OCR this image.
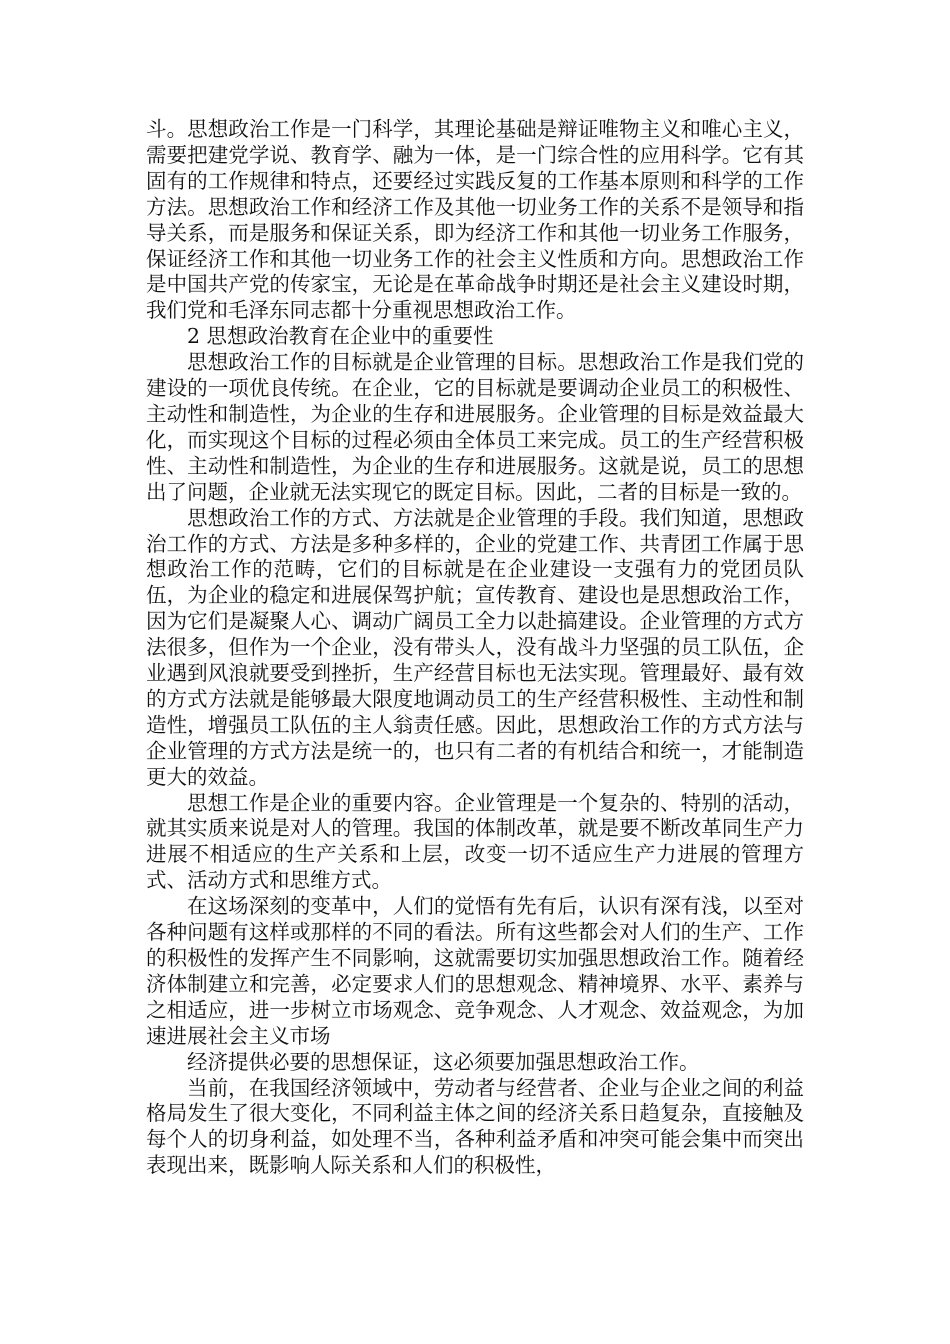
斗。思想政治工作是一门科学，其理论基础是辩证唯物主义和唯心主义，需要把建党学说、教育学、融为一体，是一门综合性的应用科学。它有其固有的工作规律和特点，还要经过实践反复的工作基本原则和科学的工作方法。思想政治工作和经济工作及其他一切业务工作的关系不是领导和指导关系，而是服务和保证关系，即为经济工作和其他一切业务工作服务，保证经济工作和其他一切业务工作的社会主义性质和方向。思想政治工作是中国共产党的传家宝，无论是在革命战争时期还是社会主义建设时期，我们党和毛泽东同志都十分重视思想政治工作。

2 思想政治教育在企业中的重要性

思想政治工作的目标就是企业管理的目标。思想政治工作是我们党的建设的一项优良传统。在企业，它的目标就是要调动企业员工的积极性、主动性和制造性，为企业的生存和进展服务。企业管理的目标是效益最大化，而实现这个目标的过程必须由全体员工来完成。员工的生产经营积极性、主动性和制造性，为企业的生存和进展服务。这就是说，员工的思想出了问题，企业就无法实现它的既定目标。因此，二者的目标是一致的。

思想政治工作的方式、方法就是企业管理的手段。我们知道，思想政治工作的方式、方法是多种多样的，企业的党建工作、共青团工作属于思想政治工作的范畴，它们的目标就是在企业建设一支强有力的党团员队伍，为企业的稳定和进展保驾护航；宣传教育、建设也是思想政治工作，因为它们是凝聚人心、调动广阔员工全力以赴搞建设。企业管理的方式方法很多，但作为一个企业，没有带头人，没有战斗力坚强的员工队伍，企业遇到风浪就要受到挫折，生产经营目标也无法实现。管理最好、最有效的方式方法就是能够最大限度地调动员工的生产经营积极性、主动性和制造性，增强员工队伍的主人翁责任感。因此，思想政治工作的方式方法与企业管理的方式方法是统一的，也只有二者的有机结合和统一，才能制造更大的效益。

思想工作是企业的重要内容。企业管理是一个复杂的、特别的活动，就其实质来说是对人的管理。我国的体制改革，就是要不断改革同生产力进展不相适应的生产关系和上层，改变一切不适应生产力进展的管理方式、活动方式和思维方式。

在这场深刻的变革中，人们的觉悟有先有后，认识有深有浅，以至对各种问题有这样或那样的不同的看法。所有这些都会对人们的生产、工作的积极性的发挥产生不同影响，这就需要切实加强思想政治工作。随着经济体制建立和完善，必定要求人们的思想观念、精神境界、水平、素养与之相适应，进一步树立市场观念、竞争观念、人才观念、效益观念，为加速进展社会主义市场

经济提供必要的思想保证，这必须要加强思想政治工作。

当前，在我国经济领域中，劳动者与经营者、企业与企业之间的利益格局发生了很大变化，不同利益主体之间的经济关系日趋复杂，直接触及每个人的切身利益，如处理不当，各种利益矛盾和冲突可能会集中而突出表现出来，既影响人际关系和人们的积极性，
